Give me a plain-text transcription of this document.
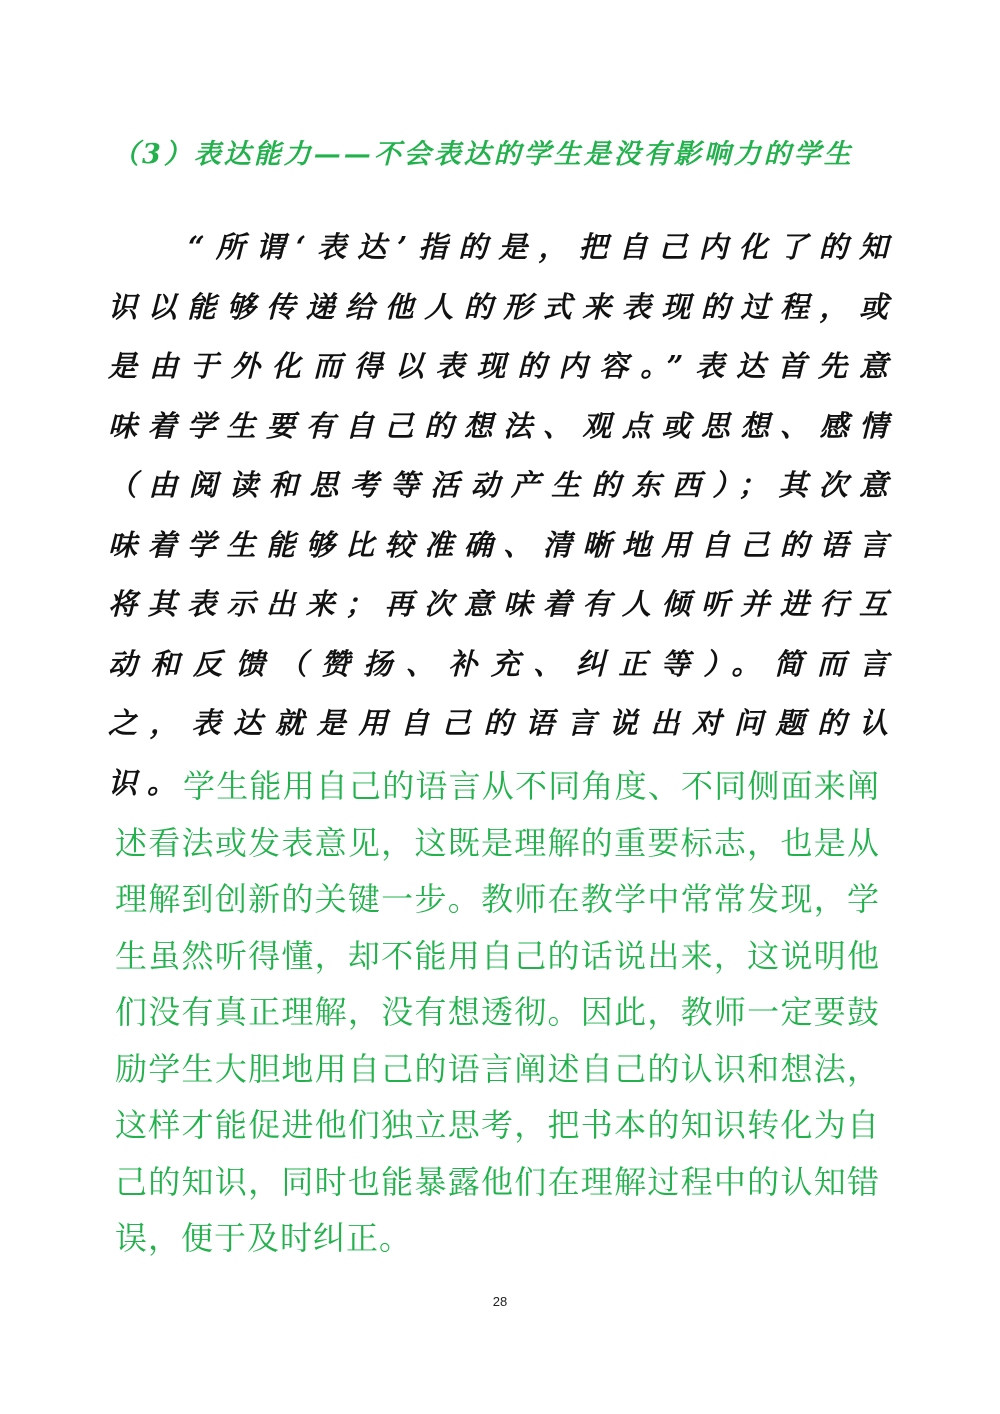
（3）表达能力——不会表达的学生是没有影响力的学生

“所谓‘表达’指的是，把自己内化了的知识以能够传递给他人的形式来表现的过程，或是由于外化而得以表现的内容。”表达首先意味着学生要有自己的想法、观点或思想、感情（由阅读和思考等活动产生的东西）；其次意味着学生能够比较准确、清晰地用自己的语言将其表示出来；再次意味着有人倾听并进行互动和反馈（赞扬、补充、纠正等）。简而言之，表达就是用自己的语言说出对问题的认识。

学生能用自己的语言从不同角度、不同侧面来阐述看法或发表意见，这既是理解的重要标志，也是从理解到创新的关键一步。教师在教学中常常发现，学生虽然听得懂，却不能用自己的话说出来，这说明他们没有真正理解，没有想透彻。因此，教师一定要鼓励学生大胆地用自己的语言阐述自己的认识和想法，这样才能促进他们独立思考，把书本的知识转化为自己的知识，同时也能暴露他们在理解过程中的认知错误，便于及时纠正。

28
